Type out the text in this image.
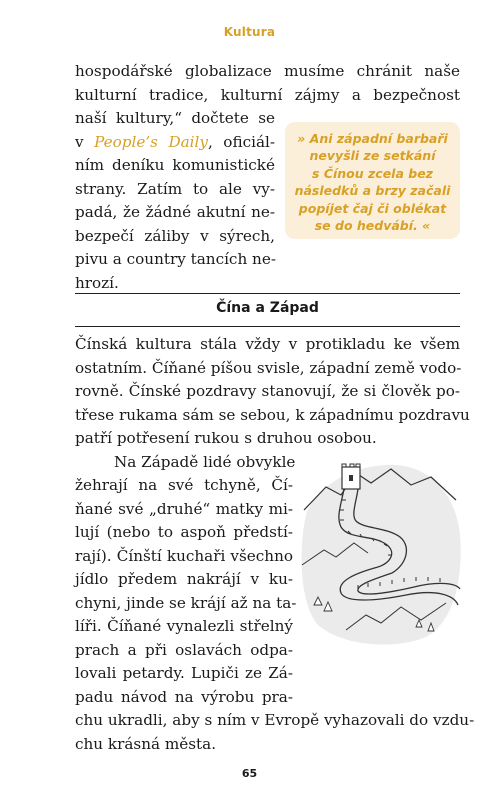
Kultura
hospodářské globalizace musíme chránit naše
kulturní tradice, kulturní zájmy a bezpečnost
naší kultury,“ dočtete se
v People’s Daily, oficiál-
ním deníku komunistické
strany. Zatím to ale vy-
padá, že žádné akutní ne-
bezpečí záliby v sýrech,
pivu a country tancích ne-
hrozí.
» Ani západní barbaři
nevyšli ze setkání
s Čínou zcela bez
následků a brzy začali
popíjet čaj či oblékat
se do hedvábí. «
Čína a Západ
Čínská kultura stála vždy v protikladu ke všem
ostatním. Číňané píšou svisle, západní země vodo-
rovně. Čínské pozdravy stanovují, že si člověk po-
třese rukama sám se sebou, k západnímu pozdravu
patří potřesení rukou s druhou osobou.
Na Západě lidé obvykle
žehrají na své tchyně, Čí-
ňané své „druhé“ matky mi-
lují (nebo to aspoň předstí-
rají). Čínští kuchaři všechno
jídlo předem nakrájí v ku-
chyni, jinde se krájí až na ta-
líři. Číňané vynalezli střelný
prach a při oslavách odpa-
lovali petardy. Lupiči ze Zá-
padu návod na výrobu pra-
chu ukradli, aby s ním v Evropě vyhazovali do vzdu-
chu krásná města.
65
